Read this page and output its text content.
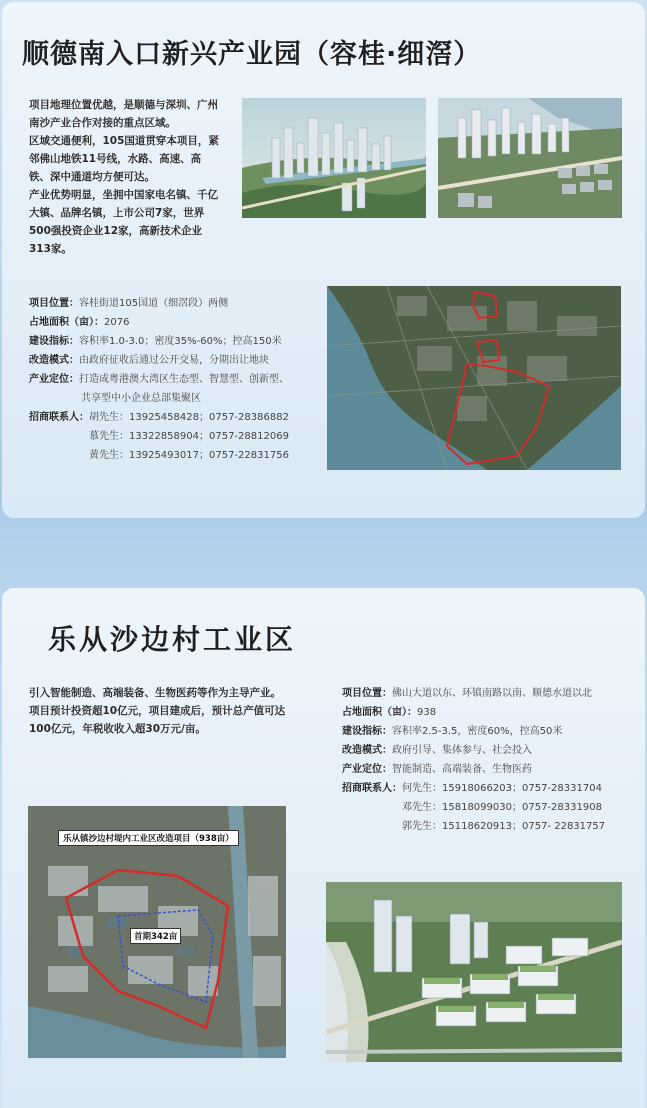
顺德南入口新兴产业园（容桂·细滘）

项目地理位置优越，是顺德与深圳、广州南沙产业合作对接的重点区域。

区域交通便利，105国道贯穿本项目，紧邻佛山地铁11号线，水路、高速、高铁、深中通道均方便可达。

产业优势明显，坐拥中国家电名镇、千亿大镇、品牌名镇，上市公司7家，世界500强投资企业12家，高新技术企业313家。

项目位置： 容桂街道105国道（细滘段）两侧
占地面积（亩）： 2076
建设指标： 容积率1.0-3.0；密度35%-60%；控高150米
改造模式： 由政府征收后通过公开交易，分期出让地块
产业定位： 打造成粤港澳大湾区生态型、智慧型、创新型、
共享型中小企业总部集聚区
招商联系人： 胡先生：13925458428；0757-28386882
慕先生：13322858904；0757-28812069
黄先生：13925493017；0757-22831756
乐从沙边村工业区

引入智能制造、高端装备、生物医药等作为主导产业。

项目预计投资超10亿元，项目建成后，预计总产值可达100亿元，年税收收入超30万元/亩。

项目位置： 佛山大道以东、环镇南路以南、顺德水道以北
占地面积（亩）： 938
建设指标： 容积率2.5-3.5，密度60%，控高50米
改造模式： 政府引导、集体参与、社会投入
产业定位： 智能制造、高端装备、生物医药
招商联系人： 何先生：15918066203；0757-28331704
邓先生：15818099030；0757-28331908
郭先生：15118620913；0757- 22831757
乐从镇沙边村堤内工业区改造项目（938亩）
首期342亩
